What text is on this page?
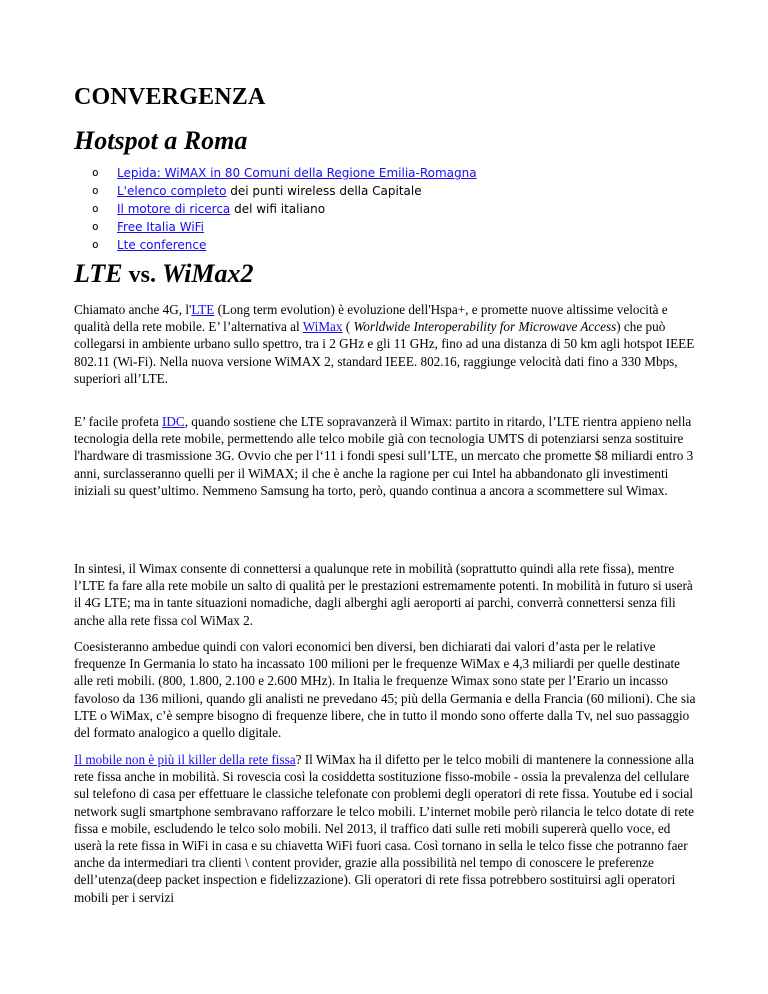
CONVERGENZA
Hotspot a Roma
o Lepida: WiMAX in 80 Comuni della Regione Emilia-Romagna
o L'elenco completo dei punti wireless della Capitale
o Il motore di ricerca del wifi italiano
o Free Italia WiFi
o Lte conference
LTE vs. WiMax2

Chiamato anche 4G, l'LTE (Long term evolution) è evoluzione dell'Hspa+, e promette nuove altissime velocità e qualità della rete mobile. E’ l’alternativa al WiMax ( Worldwide Interoperability for Microwave Access) che può collegarsi in ambiente urbano sullo spettro, tra i 2 GHz e gli 11 GHz, fino ad una distanza di 50 km agli hotspot IEEE 802.11 (Wi-Fi). Nella nuova versione WiMAX 2, standard IEEE. 802.16, raggiunge velocità dati fino a 330 Mbps, superiori all’LTE.

E’ facile profeta IDC, quando sostiene che LTE sopravanzerà il Wimax: partito in ritardo, l’LTE rientra appieno nella tecnologia della rete mobile, permettendo alle telco mobile già con tecnologia UMTS di potenziarsi senza sostituire l'hardware di trasmissione 3G. Ovvio che per l‘11 i fondi spesi sull’LTE, un mercato che promette $8 miliardi entro 3 anni, surclasseranno quelli per il WiMAX; il che è anche la ragione per cui Intel ha abbandonato gli investimenti iniziali su quest’ultimo. Nemmeno Samsung ha torto, però, quando continua a ancora a scommettere sul Wimax.

In sintesi, il Wimax consente di connettersi a qualunque rete in mobilità (soprattutto quindi alla rete fissa), mentre l’LTE fa fare alla rete mobile un salto di qualità per le prestazioni estremamente potenti. In mobilità in futuro si userà il 4G LTE; ma in tante situazioni nomadiche, dagli alberghi agli aeroporti ai parchi, converrà connettersi senza fili anche alla rete fissa col WiMax 2.

Coesisteranno ambedue quindi con valori economici ben diversi, ben dichiarati dai valori d’asta per le relative frequenze In Germania lo stato ha incassato 100 milioni per le frequenze WiMax e 4,3 miliardi per quelle destinate alle reti mobili. (800, 1.800, 2.100 e 2.600 MHz). In Italia le frequenze Wimax sono state per l’Erario un incasso favoloso da 136 milioni, quando gli analisti ne prevedano 45; più della Germania e della Francia (60 milioni). Che sia LTE o WiMax, c’è sempre bisogno di frequenze libere, che in tutto il mondo sono offerte dalla Tv, nel suo passaggio del formato analogico a quello digitale.

Il mobile non è più il killer della rete fissa? Il WiMax ha il difetto per le telco mobili di mantenere la connessione alla rete fissa anche in mobilità. Si rovescia così la cosiddetta sostituzione fisso-mobile - ossia la prevalenza del cellulare sul telefono di casa per effettuare le classiche telefonate con problemi degli operatori di rete fissa. Youtube ed i social network sugli smartphone sembravano rafforzare le telco mobili. L’internet mobile però rilancia le telco dotate di rete fissa e mobile, escludendo le telco solo mobili. Nel 2013, il traffico dati sulle reti mobili supererà quello voce, ed userà la rete fissa in WiFi in casa e su chiavetta WiFi fuori casa. Così tornano in sella le telco fisse che potranno faer anche da intermediari tra clienti \ content provider, grazie alla possibilità nel tempo di conoscere le preferenze dell’utenza(deep packet inspection e fidelizzazione). Gli operatori di rete fissa potrebbero sostituirsi agli operatori mobili per i servizi
